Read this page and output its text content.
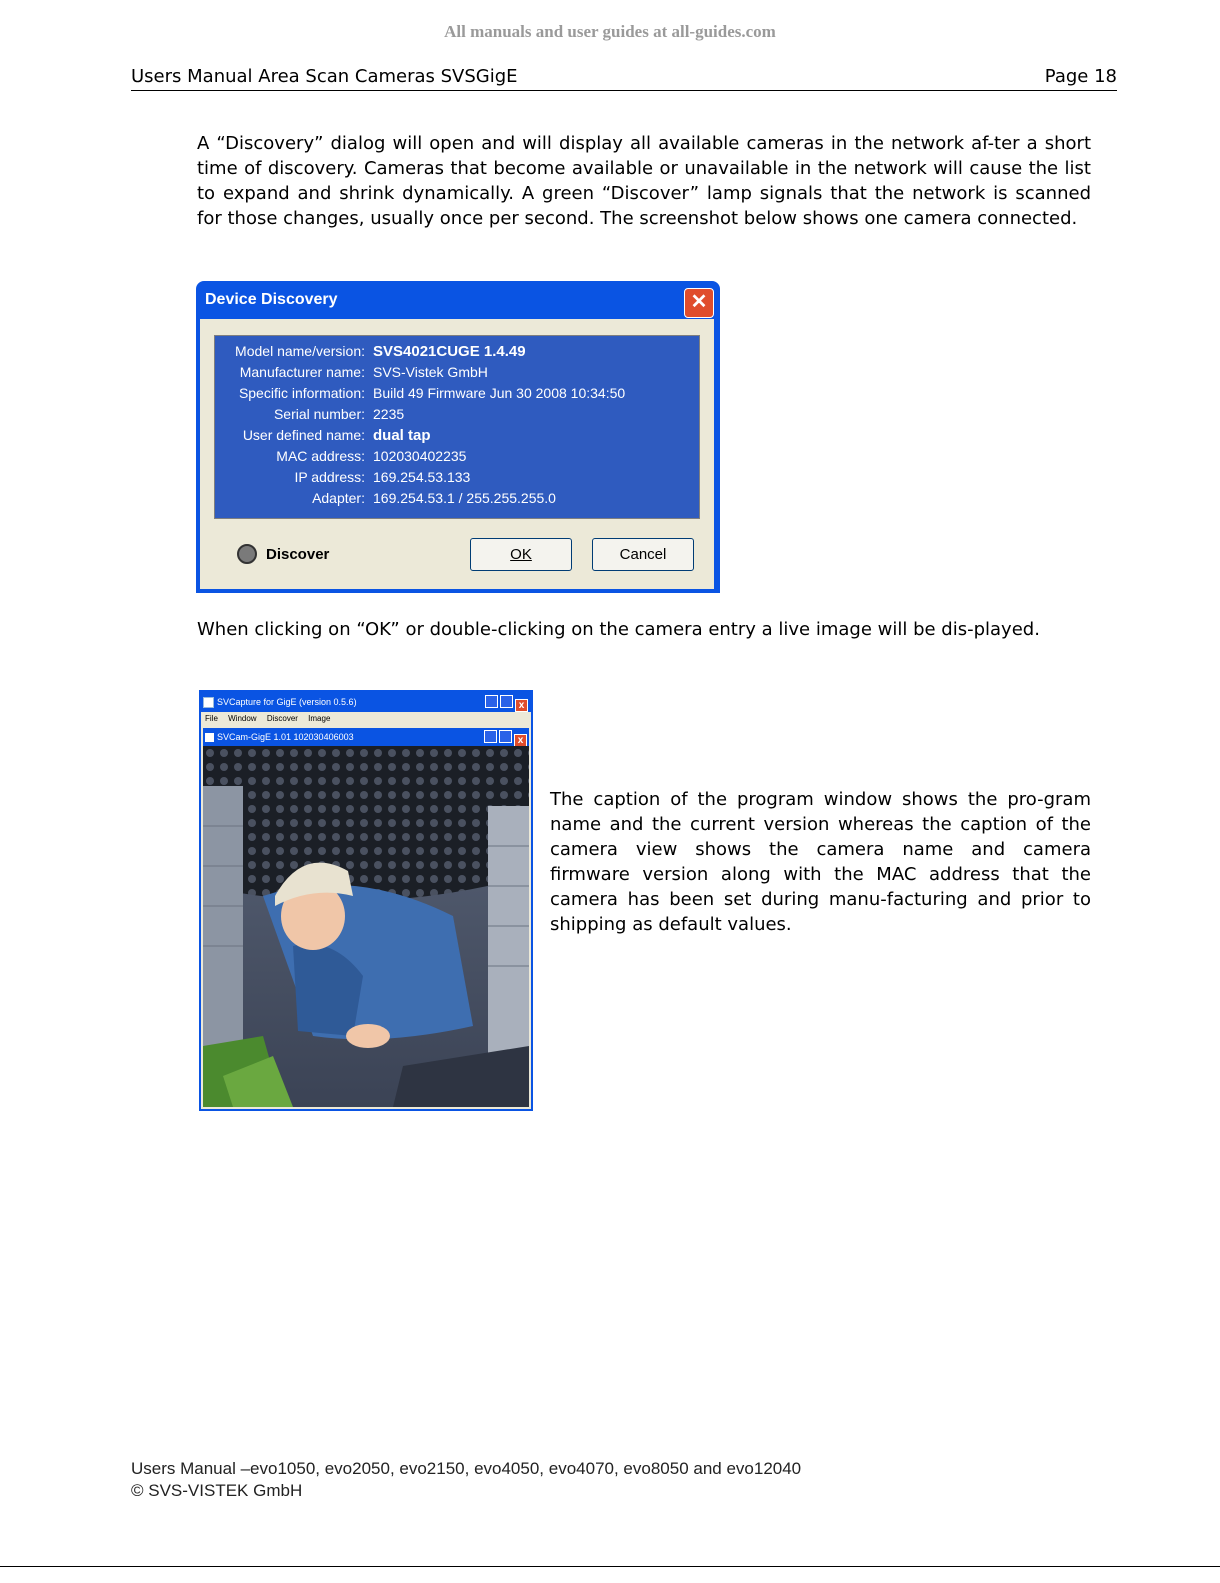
All manuals and user guides at all-guides.com
Users Manual Area Scan Cameras SVSGigE	Page 18
A “Discovery” dialog will open and will display all available cameras in the network af-ter a short time of discovery. Cameras that become available or unavailable in the network will cause the list to expand and shrink dynamically. A green “Discover” lamp signals that the network is scanned for those changes, usually once per second. The screenshot below shows one camera connected.
Device Discovery	✕
Model name/version: SVS4021CUGE 1.4.49
Manufacturer name: SVS-Vistek GmbH
Specific information: Build 49 Firmware Jun 30 2008 10:34:50
Serial number: 2235
User defined name: dual tap
MAC address: 102030402235
IP address: 169.254.53.133
Adapter: 169.254.53.1 / 255.255.255.0
Discover	OK	Cancel
When clicking on “OK” or double-clicking on the camera entry a live image will be dis-played.
SVCapture for GigE (version 0.5.6)	x
File Window Discover Image
SVCam-GigE 1.01 102030406003	x
The caption of the program window shows the pro-gram name and the current version whereas the caption of the camera view shows the camera name and camera firmware version along with the MAC address that the camera has been set during manu-facturing and prior to shipping as default values.
Users Manual –evo1050, evo2050, evo2150, evo4050, evo4070, evo8050 and evo12040
© SVS-VISTEK GmbH
